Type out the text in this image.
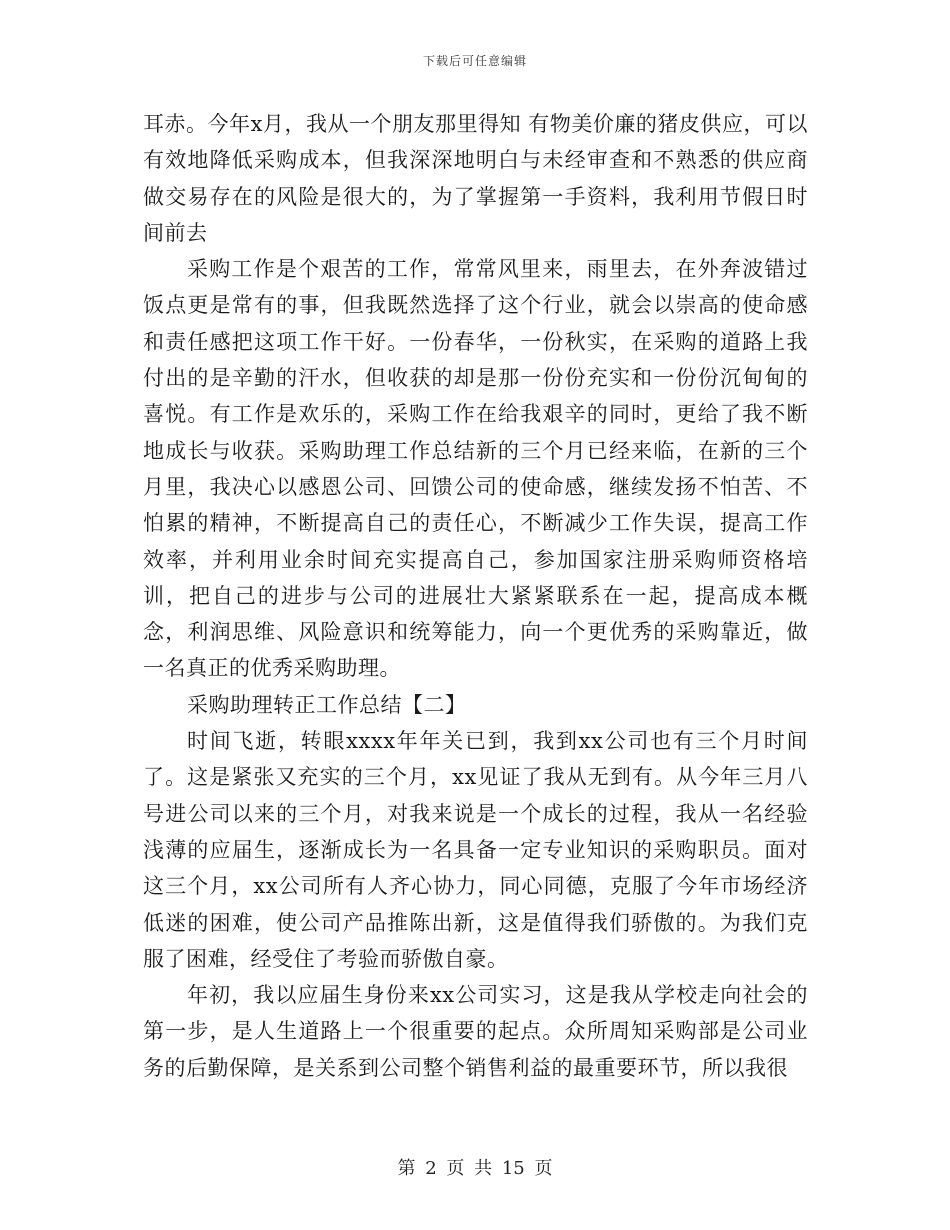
下载后可任意编辑

耳赤。今年x月，我从一个朋友那里得知 有物美价廉的猪皮供应，可以有效地降低采购成本，但我深深地明白与未经审查和不熟悉的供应商做交易存在的风险是很大的，为了掌握第一手资料，我利用节假日时间前去

采购工作是个艰苦的工作，常常风里来，雨里去，在外奔波错过饭点更是常有的事，但我既然选择了这个行业，就会以崇高的使命感和责任感把这项工作干好。一份春华，一份秋实，在采购的道路上我付出的是辛勤的汗水，但收获的却是那一份份充实和一份份沉甸甸的喜悦。有工作是欢乐的，采购工作在给我艰辛的同时，更给了我不断地成长与收获。采购助理工作总结新的三个月已经来临，在新的三个月里，我决心以感恩公司、回馈公司的使命感，继续发扬不怕苦、不怕累的精神，不断提高自己的责任心，不断减少工作失误，提高工作效率，并利用业余时间充实提高自己，参加国家注册采购师资格培训，把自己的进步与公司的进展壮大紧紧联系在一起，提高成本概念，利润思维、风险意识和统筹能力，向一个更优秀的采购靠近，做一名真正的优秀采购助理。

采购助理转正工作总结【二】

时间飞逝，转眼xxxx年年关已到，我到xx公司也有三个月时间了。这是紧张又充实的三个月，xx见证了我从无到有。从今年三月八号进公司以来的三个月，对我来说是一个成长的过程，我从一名经验浅薄的应届生，逐渐成长为一名具备一定专业知识的采购职员。面对这三个月，xx公司所有人齐心协力，同心同德，克服了今年市场经济低迷的困难，使公司产品推陈出新，这是值得我们骄傲的。为我们克服了困难，经受住了考验而骄傲自豪。

年初，我以应届生身份来xx公司实习，这是我从学校走向社会的第一步，是人生道路上一个很重要的起点。众所周知采购部是公司业务的后勤保障，是关系到公司整个销售利益的最重要环节，所以我很

第 2 页 共 15 页
